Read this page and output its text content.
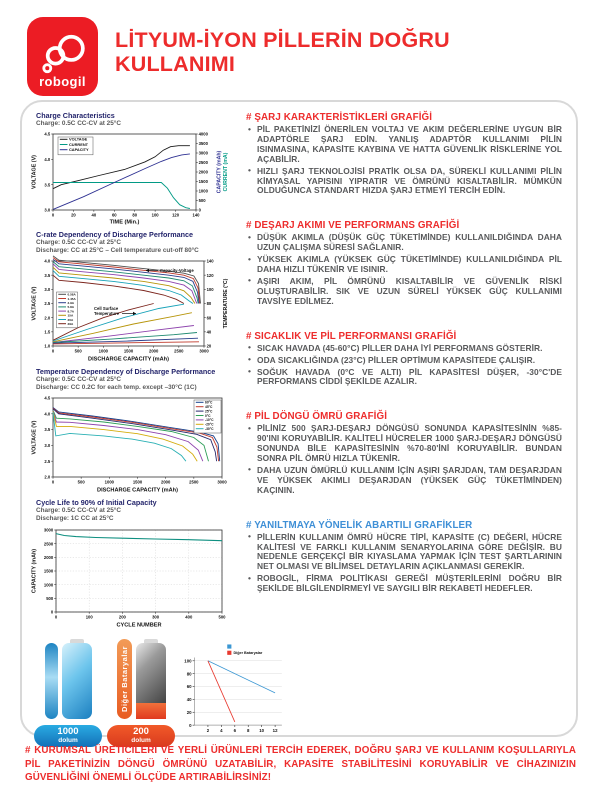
robogil
LİTYUM-İYON PİLLERİN DOĞRU KULLANIMI
Charge Characteristics
Charge: 0.5C CC-CV at 25°C
0	20	40	60	80	100	120	140
TIME (Min.)
3.0
3.5
4.0
4.5
VOLTAGE (V)
0
500
1000
1500
2000
2500
3000
3500
4000
CAPACITY (mAh) CURRENT (mA)
VOLTAGE
CURRENT
CAPACITY
C-rate Dependency of Discharge Performance
Charge: 0.5C CC-CV at 25°C
Discharge: CC at 25°C – Cell temperature cut-off 80°C
0	500	1000	1500	2000	2500	3000
DISCHARGE CAPACITY (mAh)
1.0
1.5
2.0
2.5
3.0
3.5
4.0
VOLTAGE (V)
20
40
60
80
100
120
140
TEMPERATURE (°C)
0.58A
1.45A
2.9A
5.8A
8.7A
15A
20A
29A
Capacity-Voltage
Cell Surface
Temperature
Temperature Dependency of Discharge Performance
Charge: 0.5C CC-CV at 25°C
Discharge: CC 0.2C for each temp. except –30°C (1C)
0	500	1000	1500	2000	2500	3000
DISCHARGE CAPACITY (mAh)
2.0
2.5
3.0
3.5
4.0
4.5
VOLTAGE (V)
60°C
45°C
25°C
0°C
-10°C
-20°C
-30°C
Cycle Life to 90% of Initial Capacity
Charge: 0.5C CC-CV at 25°C
Discharge: 1C CC at 25°C
0	100	200	300	400	500
CYCLE NUMBER
0
500
1000
1500
2000
2500
3000
CAPACITY (mAh)
1000
dolum
Diğer Bataryalar
200
dolum
2	4	6	8 10 12
0
20
40
60
80
100
Diğer Bataryalar
# ŞARJ KARAKTERİSTİKLERİ GRAFİĞİ
• PİL PAKETİNİZİ ÖNERİLEN VOLTAJ VE AKIM DEĞERLERİNE UYGUN BİR ADAPTÖRLE ŞARJ EDİN. YANLIŞ ADAPTÖR KULLANIMI PİLİN ISINMASINA, KAPASİTE KAYBINA VE HATTA GÜVENLİK RİSKLERİNE YOL AÇABİLİR.
• HIZLI ŞARJ TEKNOLOJİSİ PRATİK OLSA DA, SÜREKLİ KULLANIMI PİLİN KİMYASAL YAPISINI YIPRATIR VE ÖMRÜNÜ KISALTABİLİR. MÜMKÜN OLDUĞUNCA STANDART HIZDA ŞARJ ETMEYİ TERCİH EDİN.
# DEŞARJ AKIMI VE PERFORMANS GRAFİĞİ
• DÜŞÜK AKIMLA (DÜŞÜK GÜÇ TÜKETİMİNDE) KULLANILDIĞINDA DAHA UZUN ÇALIŞMA SÜRESİ SAĞLANIR.
• YÜKSEK AKIMLA (YÜKSEK GÜÇ TÜKETİMİNDE) KULLANILDIĞINDA PİL DAHA HIZLI TÜKENİR VE ISINIR.
• AŞIRI AKIM, PİL ÖMRÜNÜ KISALTABİLİR VE GÜVENLİK RİSKİ OLUŞTURABİLİR. SIK VE UZUN SÜRELİ YÜKSEK GÜÇ KULLANIMI TAVSİYE EDİLMEZ.
# SICAKLIK VE PİL PERFORMANSI GRAFİĞİ
• SICAK HAVADA (45-60°C) PİLLER DAHA İYİ PERFORMANS GÖSTERİR.
• ODA SICAKLIĞINDA (23°C) PİLLER OPTİMUM KAPASİTEDE ÇALIŞIR.
• SOĞUK HAVADA (0°C VE ALTI) PİL KAPASİTESİ DÜŞER, -30°C'DE PERFORMANS CİDDİ ŞEKİLDE AZALIR.
# PİL DÖNGÜ ÖMRÜ GRAFİĞİ
• PİLİNİZ 500 ŞARJ-DEŞARJ DÖNGÜSÜ SONUNDA KAPASİTESİNİN %85-90'INI KORUYABİLİR. KALİTELİ HÜCRELER 1000 ŞARJ-DEŞARJ DÖNGÜSÜ SONUNDA BİLE KAPASİTESİNİN %70-80'İNİ KORUYABİLİR. BUNDAN SONRA PİL ÖMRÜ HIZLA TÜKENİR.
• DAHA UZUN ÖMÜRLÜ KULLANIM İÇİN AŞIRI ŞARJDAN, TAM DEŞARJDAN VE YÜKSEK AKIMLI DEŞARJDAN (YÜKSEK GÜÇ TÜKETİMİNDEN) KAÇININ.
# YANILTMAYA YÖNELİK ABARTILI GRAFİKLER
• PİLLERİN KULLANIM ÖMRÜ HÜCRE TİPİ, KAPASİTE (C) DEĞERİ, HÜCRE KALİTESİ VE FARKLI KULLANIM SENARYOLARINA GÖRE DEĞİŞİR. BU NEDENLE GERÇEKÇİ BİR KIYASLAMA YAPMAK İÇİN TEST ŞARTLARININ NET OLMASI VE BİLİMSEL DETAYLARIN AÇIKLANMASI GEREKİR.
• ROBOGİL, FİRMA POLİTİKASI GEREĞİ MÜŞTERİLERİNİ DOĞRU BİR ŞEKİLDE BİLGİLENDİRMEYİ VE SAYGILI BİR REKABETİ HEDEFLER.
# KURUMSAL ÜRETİCİLERİ VE YERLİ ÜRÜNLERİ TERCİH EDEREK, DOĞRU ŞARJ VE KULLANIM KOŞULLARIYLA PİL PAKETİNİZİN DÖNGÜ ÖMRÜNÜ UZATABİLİR, KAPASİTE STABİLİTESİNİ KORUYABİLİR VE CİHAZINIZIN GÜVENLİĞİNİ ÖNEMLİ ÖLÇÜDE ARTIRABİLİRSİNİZ!
